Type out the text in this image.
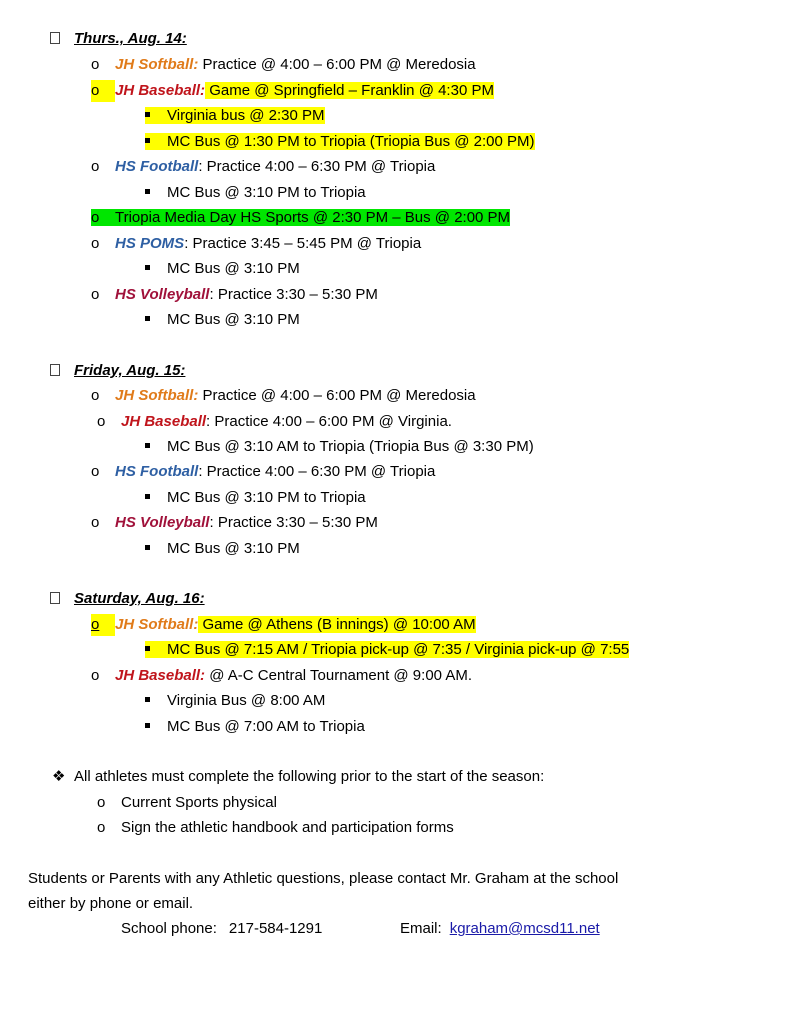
Thurs., Aug. 14:
o JH Softball: Practice @ 4:00 – 6:00 PM @ Meredosia
o JH Baseball: Game @ Springfield – Franklin @ 4:30 PM
Virginia bus @ 2:30 PM
MC Bus @ 1:30 PM to Triopia (Triopia Bus @ 2:00 PM)
o HS Football: Practice 4:00 – 6:30 PM @ Triopia
MC Bus @ 3:10 PM to Triopia
o Triopia Media Day HS Sports @ 2:30 PM – Bus @ 2:00 PM
o HS POMS: Practice 3:45 – 5:45 PM @ Triopia
MC Bus @ 3:10 PM
o HS Volleyball: Practice 3:30 – 5:30 PM
MC Bus @ 3:10 PM
Friday, Aug. 15:
o JH Softball: Practice @ 4:00 – 6:00 PM @ Meredosia
o JH Baseball: Practice 4:00 – 6:00 PM @ Virginia.
MC Bus @ 3:10 AM to Triopia (Triopia Bus @ 3:30 PM)
o HS Football: Practice 4:00 – 6:30 PM @ Triopia
MC Bus @ 3:10 PM to Triopia
o HS Volleyball: Practice 3:30 – 5:30 PM
MC Bus @ 3:10 PM
Saturday, Aug. 16:
o JH Softball: Game @ Athens (B innings) @ 10:00 AM
MC Bus @ 7:15 AM / Triopia pick-up @ 7:35 / Virginia pick-up @ 7:55
o JH Baseball: @ A-C Central Tournament @ 9:00 AM.
Virginia Bus @ 8:00 AM
MC Bus @ 7:00 AM to Triopia
❖ All athletes must complete the following prior to the start of the season:
o Current Sports physical
o Sign the athletic handbook and participation forms
Students or Parents with any Athletic questions, please contact Mr. Graham at the school
either by phone or email.
School phone: 217-584-1291	Email: kgraham@mcsd11.net
